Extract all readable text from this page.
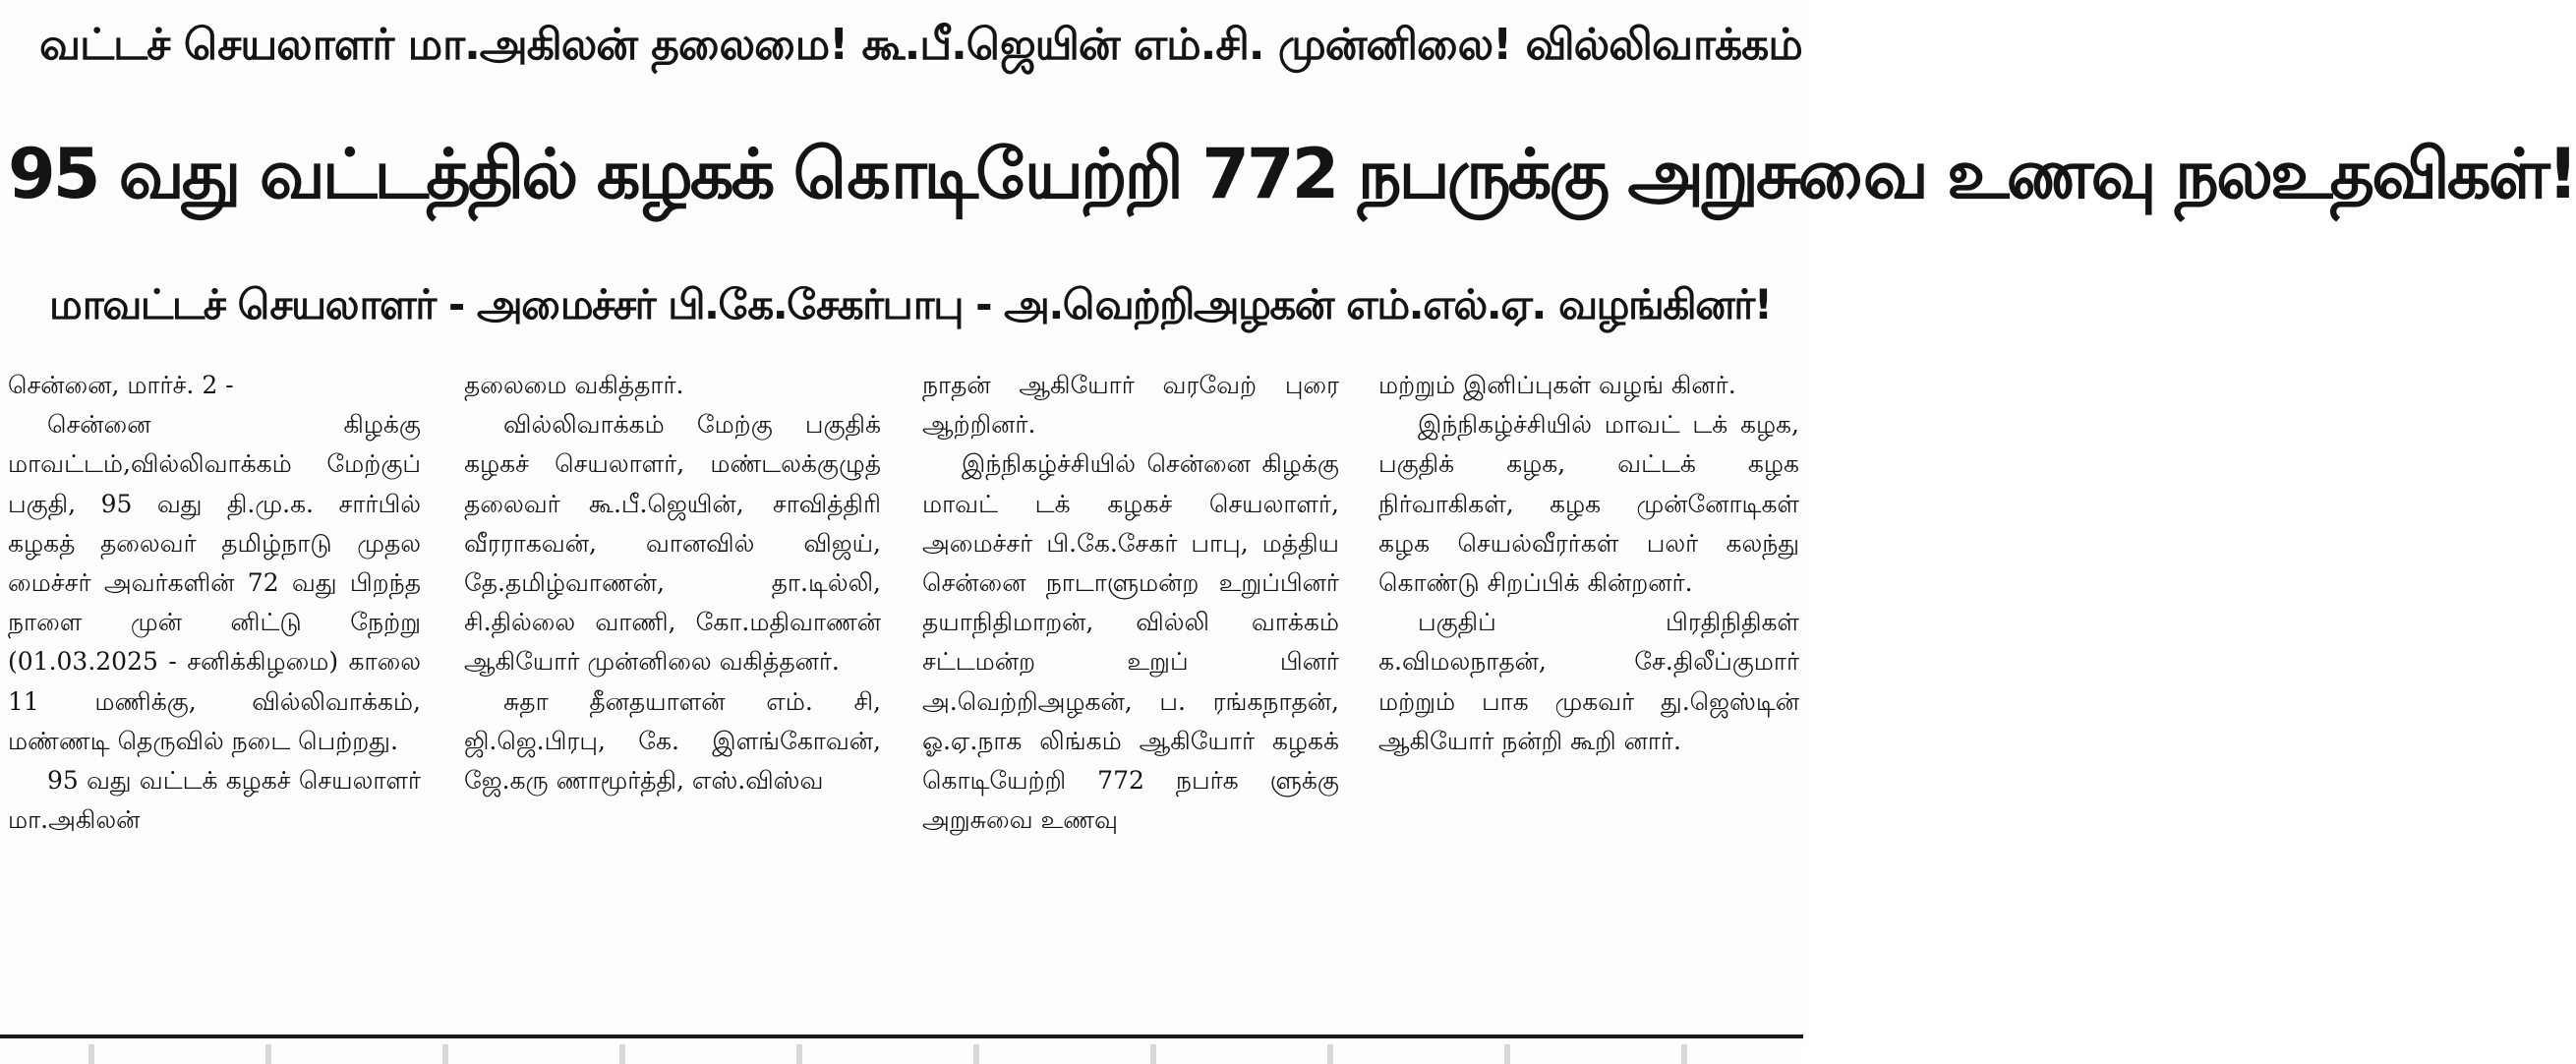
வட்டச் செயலாளர் மா.அகிலன் தலைமை! கூ.பீ.ஜெயின் எம்.சி. முன்னிலை! வில்லிவாக்கம்
95 வது வட்டத்தில் கழகக் கொடியேற்றி 772 நபருக்கு அறுசுவை உணவு நலஉதவிகள்!
மாவட்டச் செயலாளர் - அமைச்சர் பி.கே.சேகர்பாபு - அ.வெற்றிஅழகன் எம்.எல்.ஏ. வழங்கினர்!

சென்னை, மார்ச். 2 -

சென்னை கிழக்கு மாவட்டம்,வில்லிவாக்கம் மேற்குப் பகுதி, 95 வது தி.மு.க. சார்பில் கழகத் தலைவர் தமிழ்நாடு முதல மைச்சர் அவர்களின் 72 வது பிறந்த நாளை முன் னிட்டு நேற்று (01.03.2025 - சனிக்கிழமை) காலை 11 மணிக்கு, வில்லிவாக்கம், மண்ணடி தெருவில் நடை பெற்றது.

95 வது வட்டக் கழகச் செயலாளர் மா.அகிலன்

தலைமை வகித்தார்.

வில்லிவாக்கம் மேற்கு பகுதிக் கழகச் செயலாளர், மண்டலக்குழுத் தலைவர் கூ.பீ.ஜெயின், சாவித்திரி வீரராகவன், வானவில் விஜய், தே.தமிழ்வாணன், தா.டில்லி, சி.தில்லை வாணி, கோ.மதிவாணன் ஆகியோர் முன்னிலை வகித்தனர்.

சுதா தீனதயாளன் எம். சி, ஜி.ஜெ.பிரபு, கே. இளங்கோவன், ஜே.கரு ணாமூர்த்தி, எஸ்.விஸ்வ

நாதன் ஆகியோர் வரவேற் புரை ஆற்றினர்.

இந்நிகழ்ச்சியில் சென்னை கிழக்கு மாவட் டக் கழகச் செயலாளர், அமைச்சர் பி.கே.சேகர் பாபு, மத்திய சென்னை நாடாளுமன்ற உறுப்பினர் தயாநிதிமாறன், வில்லி வாக்கம் சட்டமன்ற உறுப் பினர் அ.வெற்றிஅழகன், ப. ரங்கநாதன், ஓ.ஏ.நாக லிங்கம் ஆகியோர் கழகக் கொடியேற்றி 772 நபர்க ளுக்கு அறுசுவை உணவு

மற்றும் இனிப்புகள் வழங் கினர்.

இந்நிகழ்ச்சியில் மாவட் டக் கழக, பகுதிக் கழக, வட்டக் கழக நிர்வாகிகள், கழக முன்னோடிகள் கழக செயல்வீரர்கள் பலர் கலந்து கொண்டு சிறப்பிக் கின்றனர்.

பகுதிப் பிரதிநிதிகள் க.விமலநாதன், சே.திலீப்குமார் மற்றும் பாக முகவர் து.ஜெஸ்டின் ஆகியோர் நன்றி கூறி னார்.
